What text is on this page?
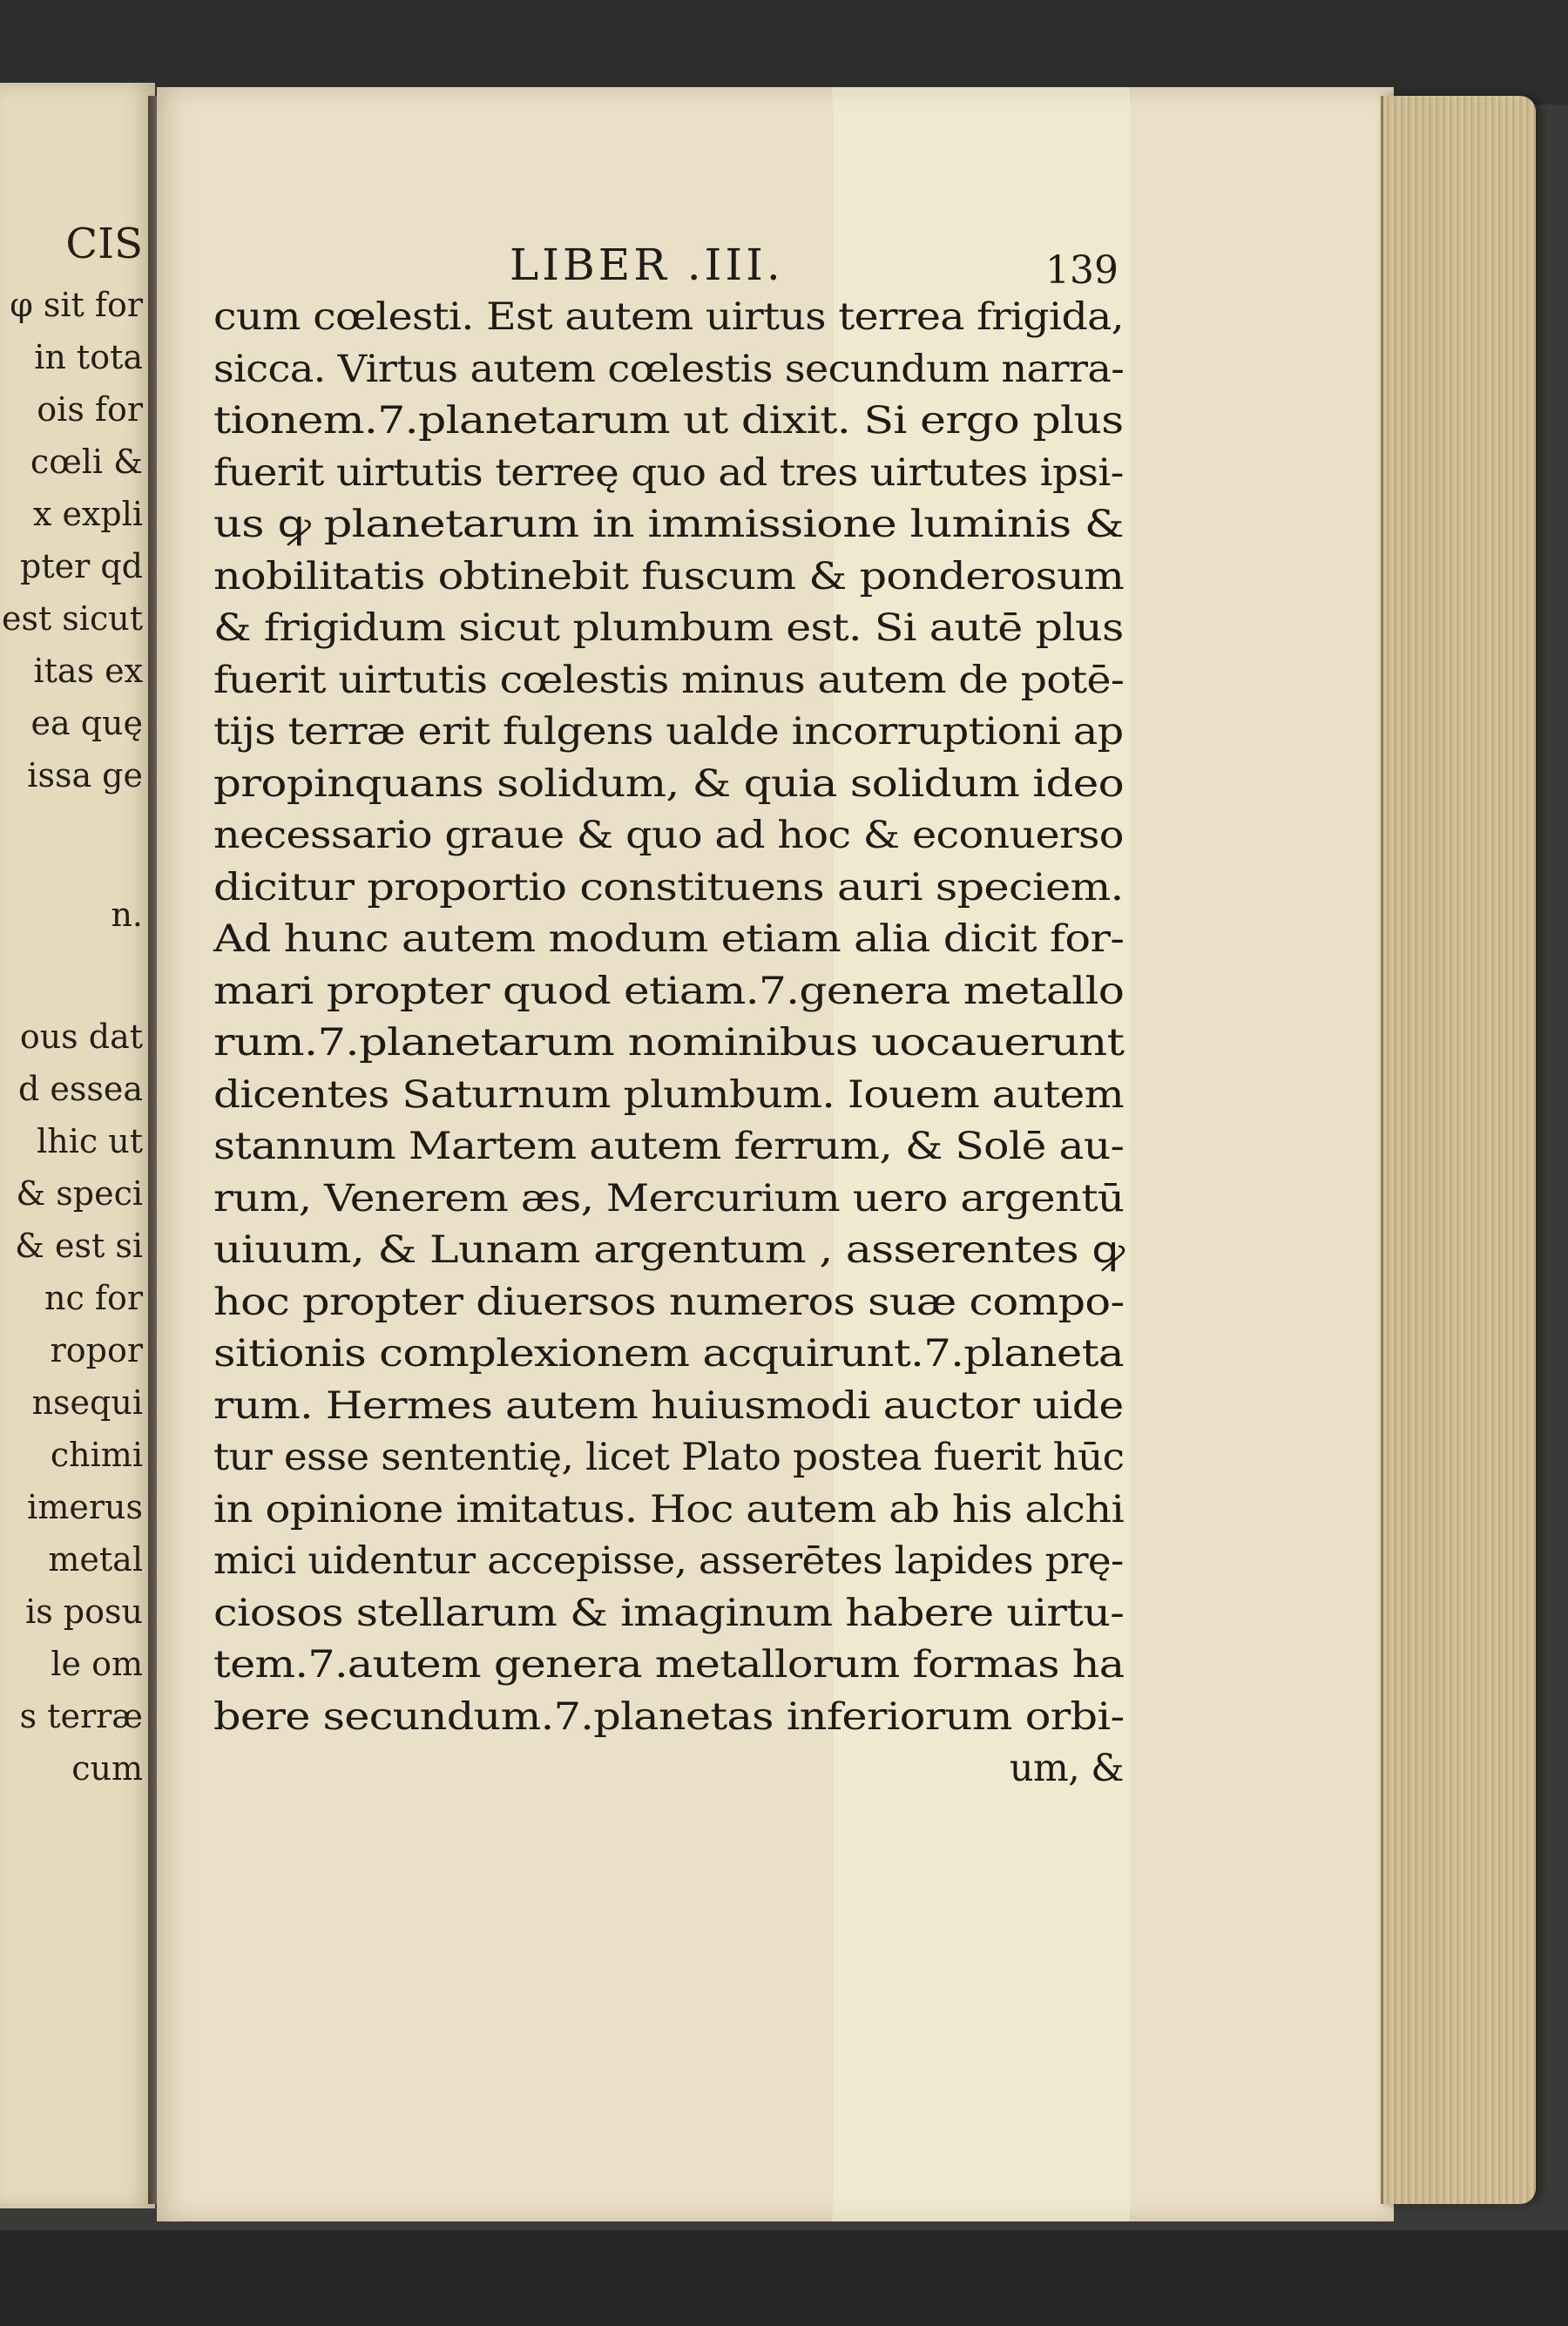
CIS
φ sit for
in tota
ois for
cœli &
x expli
pter qd
est sicut
itas ex
ea quę
issa ge
n.
ous dat
d essea
lhic ut
& speci
& est si
nc for
ropor
nsequi
chimi
imerus
metal
is posu
le om
s terræ
cum
LIBER .III.	139
cum cœlesti. Est autem uirtus terrea frigida,
sicca. Virtus autem cœlestis secundum narra-
tionem.7.planetarum ut dixit. Si ergo plus
fuerit uirtutis terreę quo ad tres uirtutes ipsi-
us ꝙ planetarum in immissione luminis &
nobilitatis obtinebit fuscum & ponderosum
& frigidum sicut plumbum est. Si autē plus
fuerit uirtutis cœlestis minus autem de potē-
tijs terræ erit fulgens ualde incorruptioni ap
propinquans solidum, & quia solidum ideo
necessario graue & quo ad hoc & econuerso
dicitur proportio constituens auri speciem.
Ad hunc autem modum etiam alia dicit for-
mari propter quod etiam.7.genera metallo
rum.7.planetarum nominibus uocauerunt
dicentes Saturnum plumbum. Iouem autem
stannum Martem autem ferrum, & Solē au-
rum, Venerem æs, Mercurium uero argentū
uiuum, & Lunam argentum , asserentes ꝙ
hoc propter diuersos numeros suæ compo-
sitionis complexionem acquirunt.7.planeta
rum. Hermes autem huiusmodi auctor uide
tur esse sententię, licet Plato postea fuerit hūc
in opinione imitatus. Hoc autem ab his alchi
mici uidentur accepisse, asserētes lapides prę-
ciosos stellarum & imaginum habere uirtu-
tem.7.autem genera metallorum formas ha
bere secundum.7.planetas inferiorum orbi-
um, &
